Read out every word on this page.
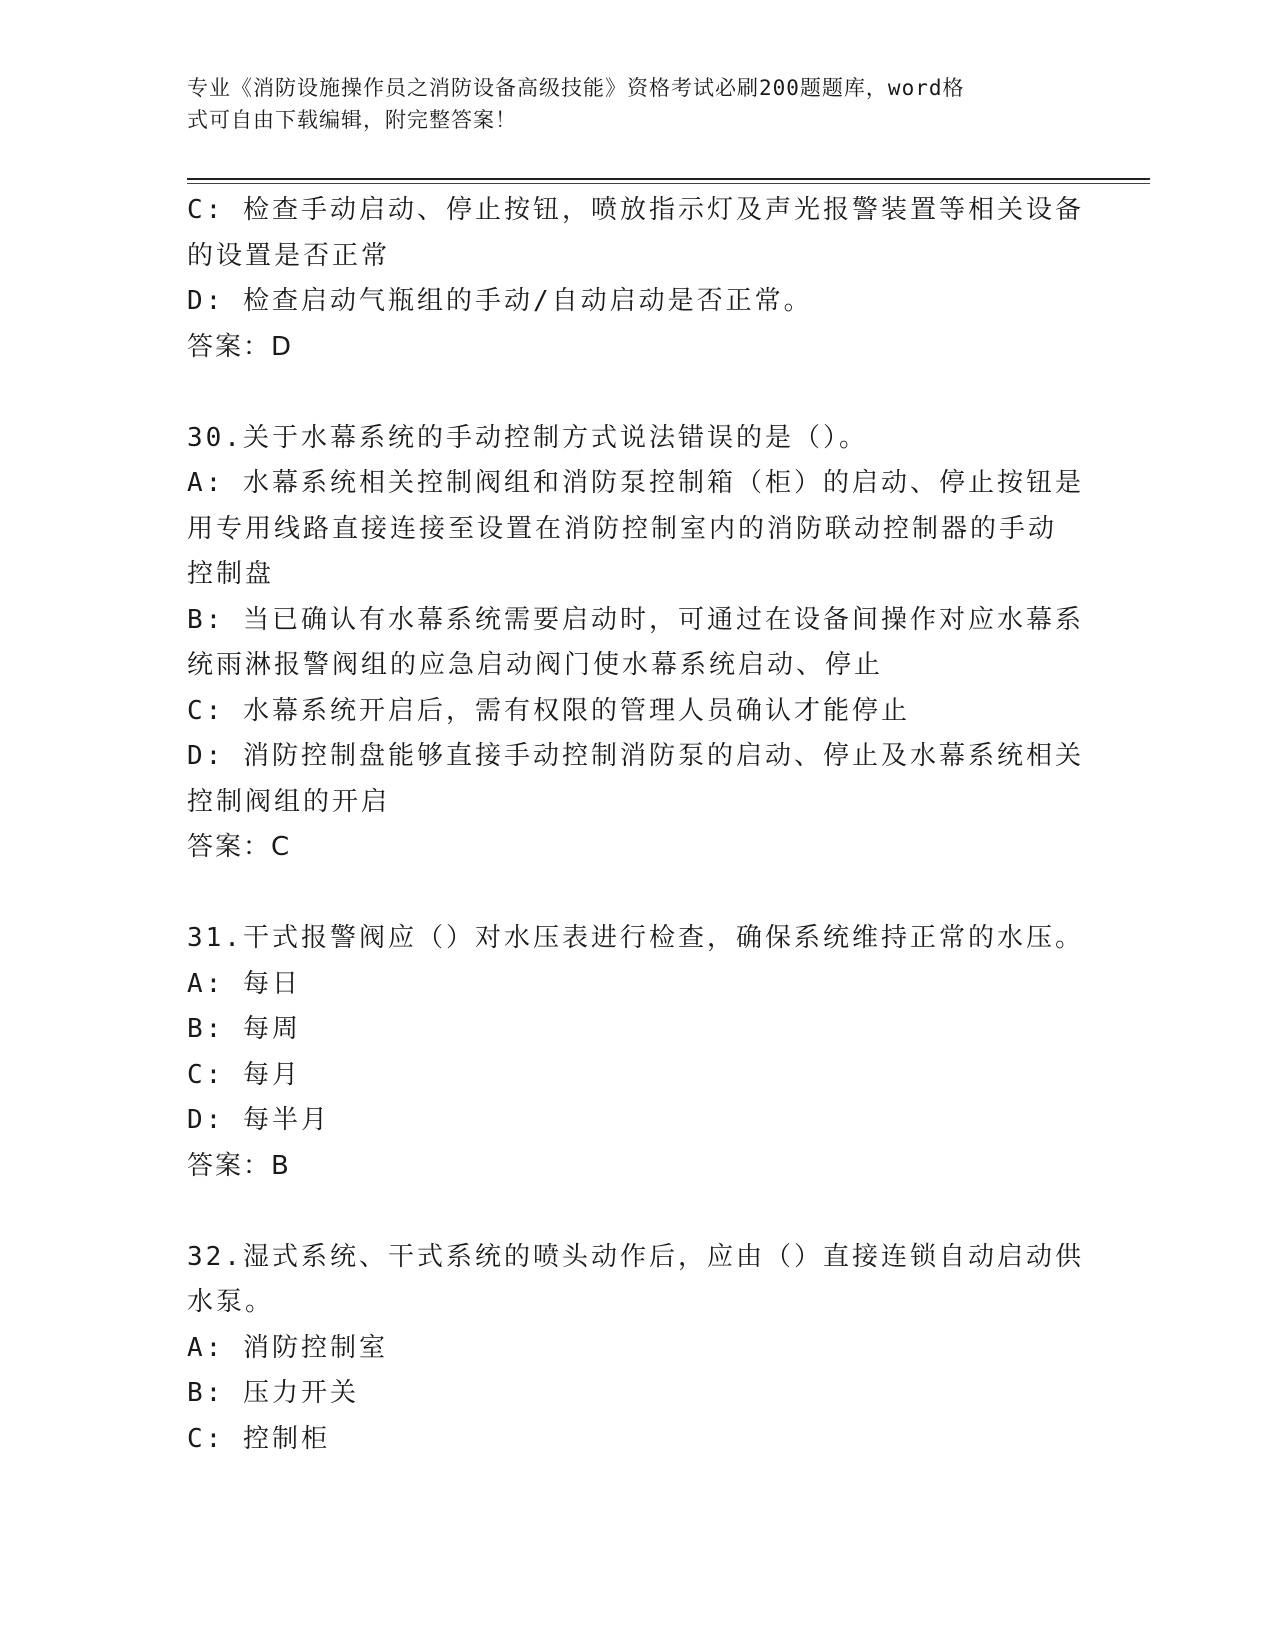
专业《消防设施操作员之消防设备高级技能》资格考试必刷200题题库，word格
式可自由下载编辑，附完整答案！
C: 检查手动启动、停止按钮，喷放指示灯及声光报警装置等相关设备
的设置是否正常
D: 检查启动气瓶组的手动/自动启动是否正常。
答案：D
30.关于水幕系统的手动控制方式说法错误的是（）。
A: 水幕系统相关控制阀组和消防泵控制箱（柜）的启动、停止按钮是
用专用线路直接连接至设置在消防控制室内的消防联动控制器的手动
控制盘
B: 当已确认有水幕系统需要启动时，可通过在设备间操作对应水幕系
统雨淋报警阀组的应急启动阀门使水幕系统启动、停止
C: 水幕系统开启后，需有权限的管理人员确认才能停止
D: 消防控制盘能够直接手动控制消防泵的启动、停止及水幕系统相关
控制阀组的开启
答案：C
31.干式报警阀应（）对水压表进行检查，确保系统维持正常的水压。
A: 每日
B: 每周
C: 每月
D: 每半月
答案：B
32.湿式系统、干式系统的喷头动作后，应由（）直接连锁自动启动供
水泵。
A: 消防控制室
B: 压力开关
C: 控制柜
